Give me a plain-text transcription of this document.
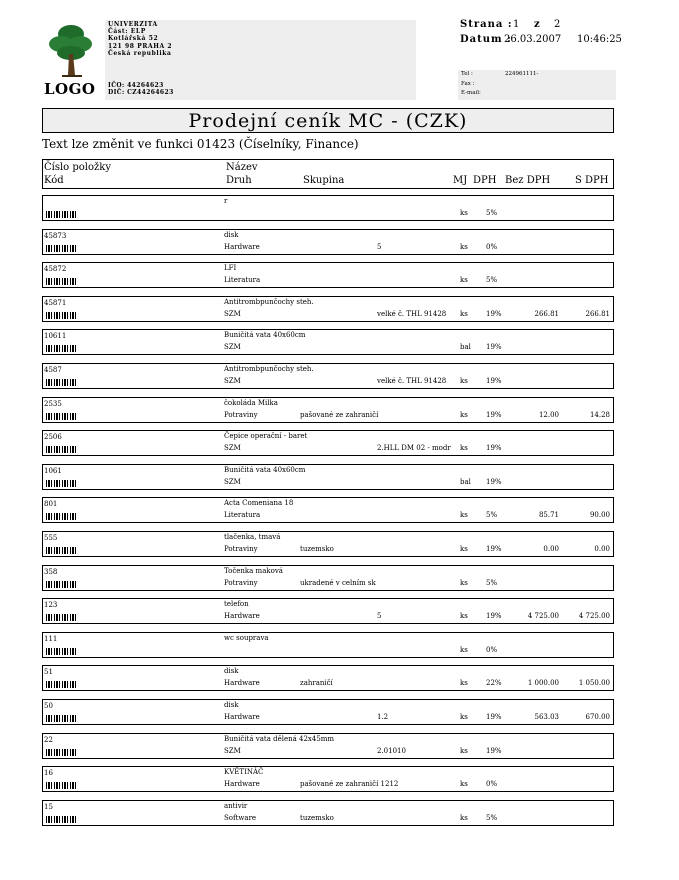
LOGO
UNIVERZITA
Část: ELP
Kotlářská 52
121 98 PRAHA 2
Česká republika
IČO: 44264623
DIČ: CZ44264623
Strana : 1 z 2
Datum :
26.03.2007 10:46:25
Tel :	224961111-
Fax :
E-mail:
Prodejní ceník MC - (CZK)
Text lze změnit ve funkci 01423 (Číselníky, Finance)
Číslo položky
Kód
Název
Druh	Skupina	MJ DPH Bez DPH S DPH
r
ks	5%
45873	disk
Hardware	5	ks	0%
45872	LFI
Literatura	ks	5%
45871	Antitrombpunčochy steh.
SZM	velké č. THL 91428 ks	19%	266.81	266.81
10611	Buničitá vata 40x60cm
SZM	bal 19%
4587	Antitrombpunčochy steh.
SZM	velké č. THL 91428 ks	19%
2535	čokoláda Milka
Potraviny	pašované ze zahraničí	ks	19%	12.00	14.28
2506	Čepice operační - baret
SZM	2.HLL DM 02 - modr ks	19%
1061	Buničitá vata 40x60cm
SZM	bal 19%
801	Acta Comeniana 18
Literatura	ks	5%	85.71	90.00
555	tlačenka, tmavá
Potraviny	tuzemsko	ks	19%	0.00	0.00
358	Točenka maková
Potraviny	ukradené v celním sk	ks	5%
123	telefon
Hardware	5	ks	19%	4 725.00	4 725.00
111	wc souprava
ks	0%
51	disk
Hardware	zahraničí	ks	22%	1 000.00	1 050.00
50	disk
Hardware	1.2	ks	19%	563.03	670.00
22	Buničitá vata dělená 42x45mm
SZM	2.01010	ks	19%
16	KVĚTINÁČ
Hardware	pašované ze zahraničí 1212	ks	0%
15	antivir
Software	tuzemsko	ks	5%
